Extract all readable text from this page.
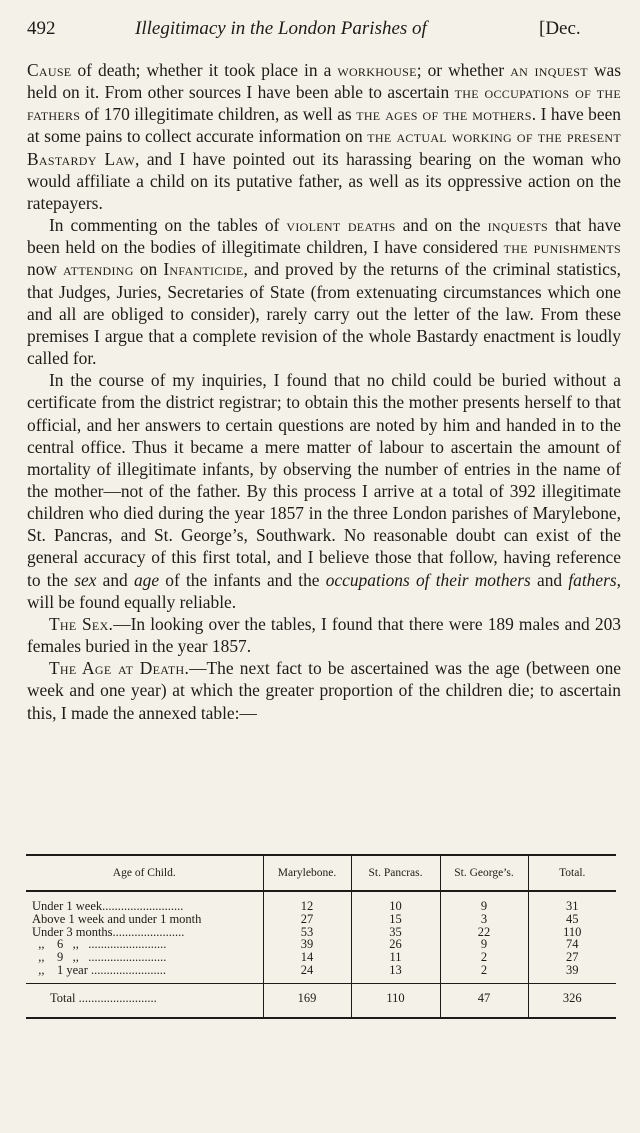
492	Illegitimacy in the London Parishes of	[Dec.

Cause of death; whether it took place in a workhouse; or whether an inquest was held on it. From other sources I have been able to ascertain the occupations of the fathers of 170 illegitimate children, as well as the ages of the mothers. I have been at some pains to collect accurate information on the actual working of the present Bastardy Law, and I have pointed out its harassing bearing on the woman who would affiliate a child on its putative father, as well as its oppressive action on the ratepayers.

In commenting on the tables of violent deaths and on the inquests that have been held on the bodies of illegitimate children, I have considered the punishments now attending on Infanticide, and proved by the returns of the criminal statistics, that Judges, Juries, Secretaries of State (from extenuating circumstances which one and all are obliged to consider), rarely carry out the letter of the law. From these premises I argue that a complete revision of the whole Bastardy enactment is loudly called for.

In the course of my inquiries, I found that no child could be buried without a certificate from the district registrar; to obtain this the mother presents herself to that official, and her answers to certain questions are noted by him and handed in to the central office. Thus it became a mere matter of labour to ascertain the amount of mortality of illegitimate infants, by observing the number of entries in the name of the mother—not of the father. By this process I arrive at a total of 392 illegitimate children who died during the year 1857 in the three London parishes of Marylebone, St. Pancras, and St. George’s, Southwark. No reasonable doubt can exist of the general accuracy of this first total, and I believe those that follow, having reference to the sex and age of the infants and the occupations of their mothers and fathers, will be found equally reliable.

The Sex.—In looking over the tables, I found that there were 189 males and 203 females buried in the year 1857.

The Age at Death.—The next fact to be ascertained was the age (between one week and one year) at which the greater proportion of the children die; to ascertain this, I made the annexed table:—

Age of Child.	Marylebone.	St. Pancras.	St. George’s.	Total.
Under 1 week..........................	12	10	9	31
Above 1 week and under 1 month	27	15	3	45
Under 3 months.......................	53	35	22	110
,,    6   ,,   .........................	39	26	9	74
,,    9   ,,   .........................	14	11	2	27
,,    1 year ........................	24	13	2	39
Total .........................	169	110	47	326
